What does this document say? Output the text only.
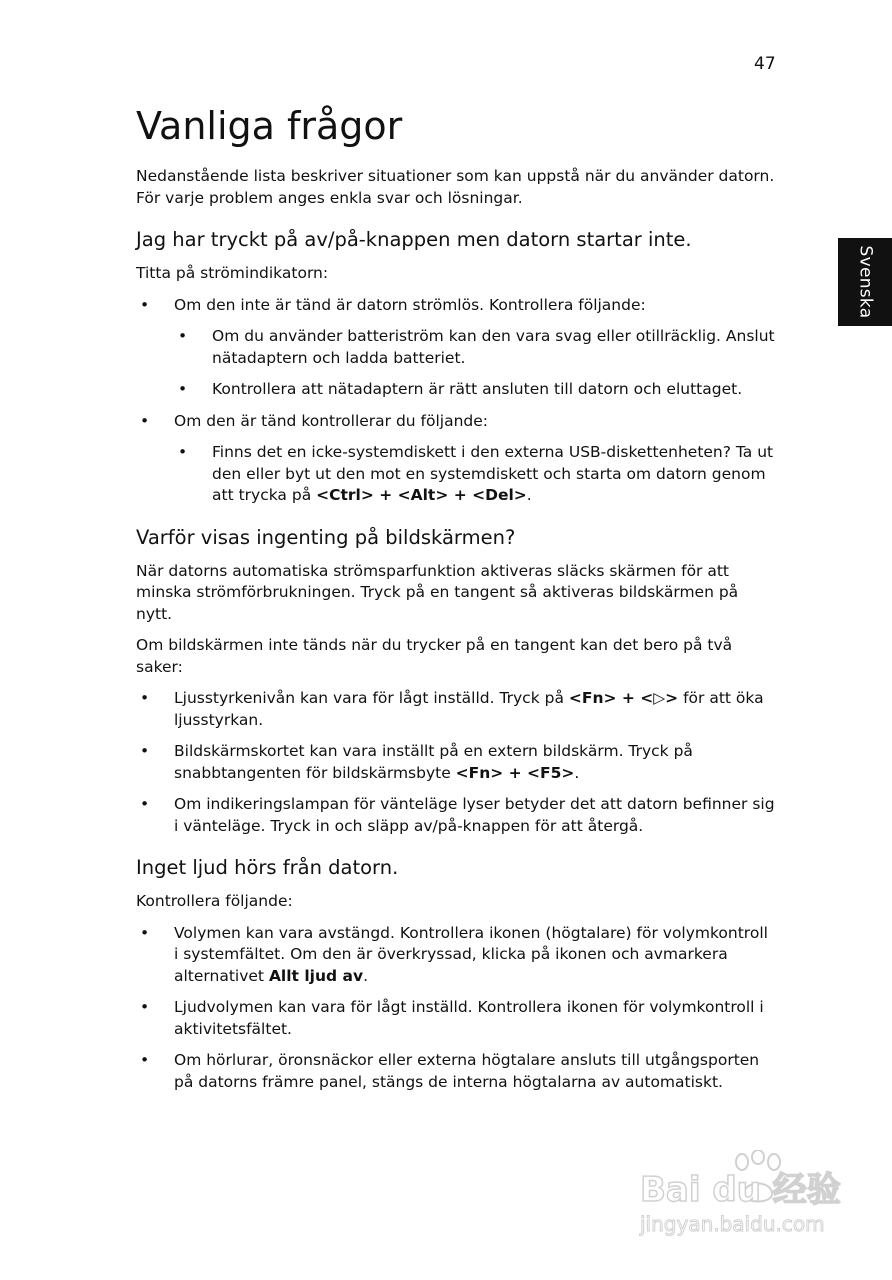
47
Svenska
Vanliga frågor

Nedanstående lista beskriver situationer som kan uppstå när du använder datorn. För varje problem anges enkla svar och lösningar.

Jag har tryckt på av/på-knappen men datorn startar inte.

Titta på strömindikatorn:

• Om den inte är tänd är datorn strömlös. Kontrollera följande:
• Om du använder batteriström kan den vara svag eller otillräcklig. Anslut nätadaptern och ladda batteriet.
• Kontrollera att nätadaptern är rätt ansluten till datorn och eluttaget.
• Om den är tänd kontrollerar du följande:
• Finns det en icke-systemdiskett i den externa USB-diskettenheten? Ta ut den eller byt ut den mot en systemdiskett och starta om datorn genom att trycka på <Ctrl> + <Alt> + <Del>.
Varför visas ingenting på bildskärmen?

När datorns automatiska strömsparfunktion aktiveras släcks skärmen för att minska strömförbrukningen. Tryck på en tangent så aktiveras bildskärmen på nytt.

Om bildskärmen inte tänds när du trycker på en tangent kan det bero på två saker:

• Ljusstyrkenivån kan vara för lågt inställd. Tryck på <Fn> + <▷> för att öka ljusstyrkan.
• Bildskärmskortet kan vara inställt på en extern bildskärm. Tryck på snabbtangenten för bildskärmsbyte <Fn> + <F5>.
• Om indikeringslampan för vänteläge lyser betyder det att datorn befinner sig i vänteläge. Tryck in och släpp av/på-knappen för att återgå.
Inget ljud hörs från datorn.

Kontrollera följande:

• Volymen kan vara avstängd. Kontrollera ikonen (högtalare) för volymkontroll i systemfältet. Om den är överkryssad, klicka på ikonen och avmarkera alternativet Allt ljud av.
• Ljudvolymen kan vara för lågt inställd. Kontrollera ikonen för volymkontroll i aktivitetsfältet.
• Om hörlurar, öronsnäckor eller externa högtalare ansluts till utgångsporten på datorns främre panel, stängs de interna högtalarna av automatiskt.
Bai du 经验
jingyan.baidu.com
